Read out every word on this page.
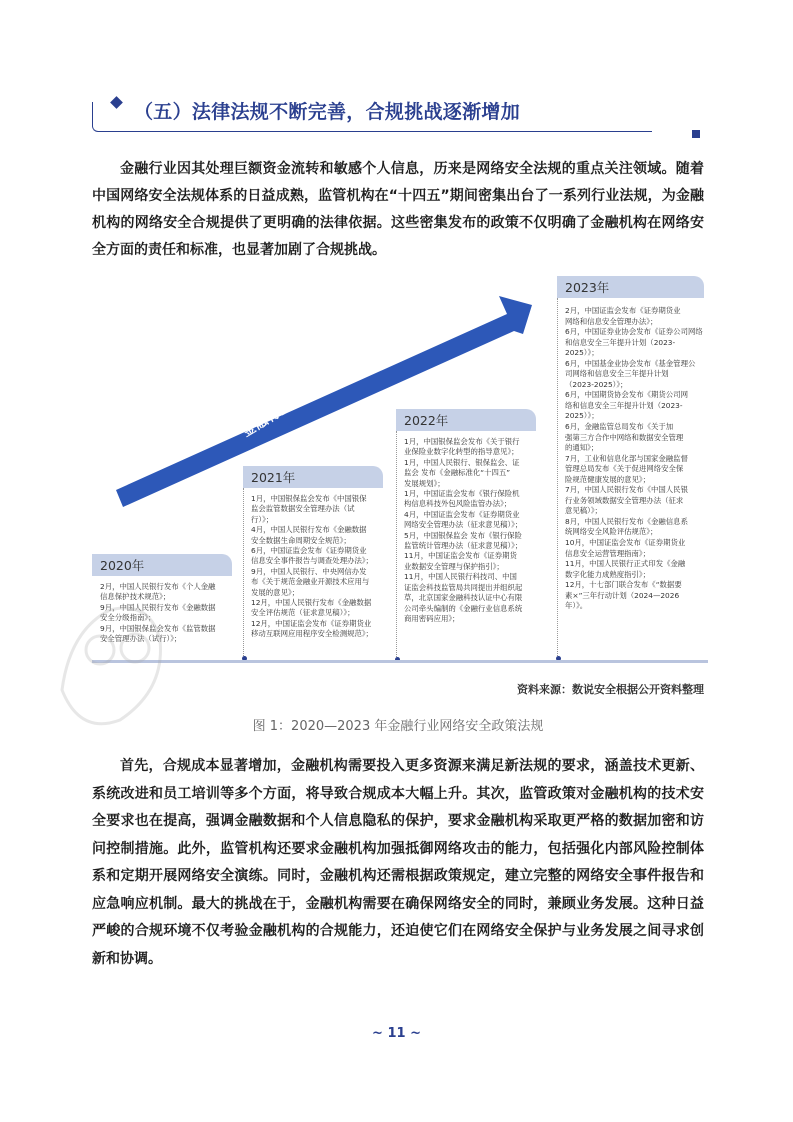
（五）法律法规不断完善，合规挑战逐渐增加

金融行业因其处理巨额资金流转和敏感个人信息，历来是网络安全法规的重点关注领域。随着中国网络安全法规体系的日益成熟，监管机构在“十四五”期间密集出台了一系列行业法规，为金融机构的网络安全合规提供了更明确的法律依据。这些密集发布的政策不仅明确了金融机构在网络安全方面的责任和标准，也显著加剧了合规挑战。

金融行业政策法规密集出台
2020年
2月，中国人民银行发布《个人金融
信息保护技术规范》；
9月，中国人民银行发布《金融数据
安全分级指南》；
9月，中国银保监会发布《监管数据
安全管理办法（试行）》；
2021年
1月，中国银保监会发布《中国银保
监会监管数据安全管理办法（试
行）》；
4月，中国人民银行发布《金融数据
安全数据生命周期安全规范》；
6月，中国证监会发布《证券期货业
信息安全事件报告与调查处理办法》；
9月，中国人民银行、中央网信办发
布《关于规范金融业开源技术应用与
发展的意见》；
12月，中国人民银行发布《金融数据
安全评估规范（征求意见稿）》；
12月，中国证监会发布《证券期货业
移动互联网应用程序安全检测规范》；
2022年
1月，中国银保监会发布《关于银行
业保险业数字化转型的指导意见》；
1月，中国人民银行、银保监会、证
监会 发布《金融标准化“十四五”
发展规划》；
1月，中国证监会发布《银行保险机
构信息科技外包风险监管办法》；
4月，中国证监会发布《证券期货业
网络安全管理办法（征求意见稿）》；
5月，中国银保监会 发布《银行保险
监管统计管理办法（征求意见稿）》；
11月，中国证监会发布《证券期货
业数据安全管理与保护指引》；
11月，中国人民银行科技司、中国
证监会科技监管局共同提出并组织起
草，北京国家金融科技认证中心有限
公司牵头编制的《金融行业信息系统
商用密码应用》；
2023年
2月，中国证监会发布《证券期货业
网络和信息安全管理办法》；
6月，中国证券业协会发布《证券公司网络
和信息安全三年提升计划（2023-
2025）》；
6月，中国基金业协会发布《基金管理公
司网络和信息安全三年提升计划
（2023-2025）》；
6月，中国期货协会发布《期货公司网
络和信息安全三年提升计划（2023-
2025）》；
6月，金融监管总局发布《关于加
强第三方合作中网络和数据安全管理
的通知》；
7月，工业和信息化部与国家金融监督
管理总局发布《关于促进网络安全保
险规范健康发展的意见》；
7月，中国人民银行发布《中国人民银
行业务领域数据安全管理办法（征求
意见稿）》；
8月，中国人民银行发布《金融信息系
统网络安全风险评估规范》；
10月，中国证监会发布《证券期货业
信息安全运营管理指南》；
11月，中国人民银行正式印发《金融
数字化能力成熟度指引》；
12月，十七部门联合发布《“数据要
素×”三年行动计划（2024—2026
年）》。
资料来源：数说安全根据公开资料整理
图 1：2020—2023 年金融行业网络安全政策法规

首先，合规成本显著增加，金融机构需要投入更多资源来满足新法规的要求，涵盖技术更新、系统改进和员工培训等多个方面，将导致合规成本大幅上升。其次，监管政策对金融机构的技术安全要求也在提高，强调金融数据和个人信息隐私的保护，要求金融机构采取更严格的数据加密和访问控制措施。此外，监管机构还要求金融机构加强抵御网络攻击的能力，包括强化内部风险控制体系和定期开展网络安全演练。同时，金融机构还需根据政策规定，建立完整的网络安全事件报告和应急响应机制。最大的挑战在于，金融机构需要在确保网络安全的同时，兼顾业务发展。这种日益严峻的合规环境不仅考验金融机构的合规能力，还迫使它们在网络安全保护与业务发展之间寻求创新和协调。

~ 11 ~
